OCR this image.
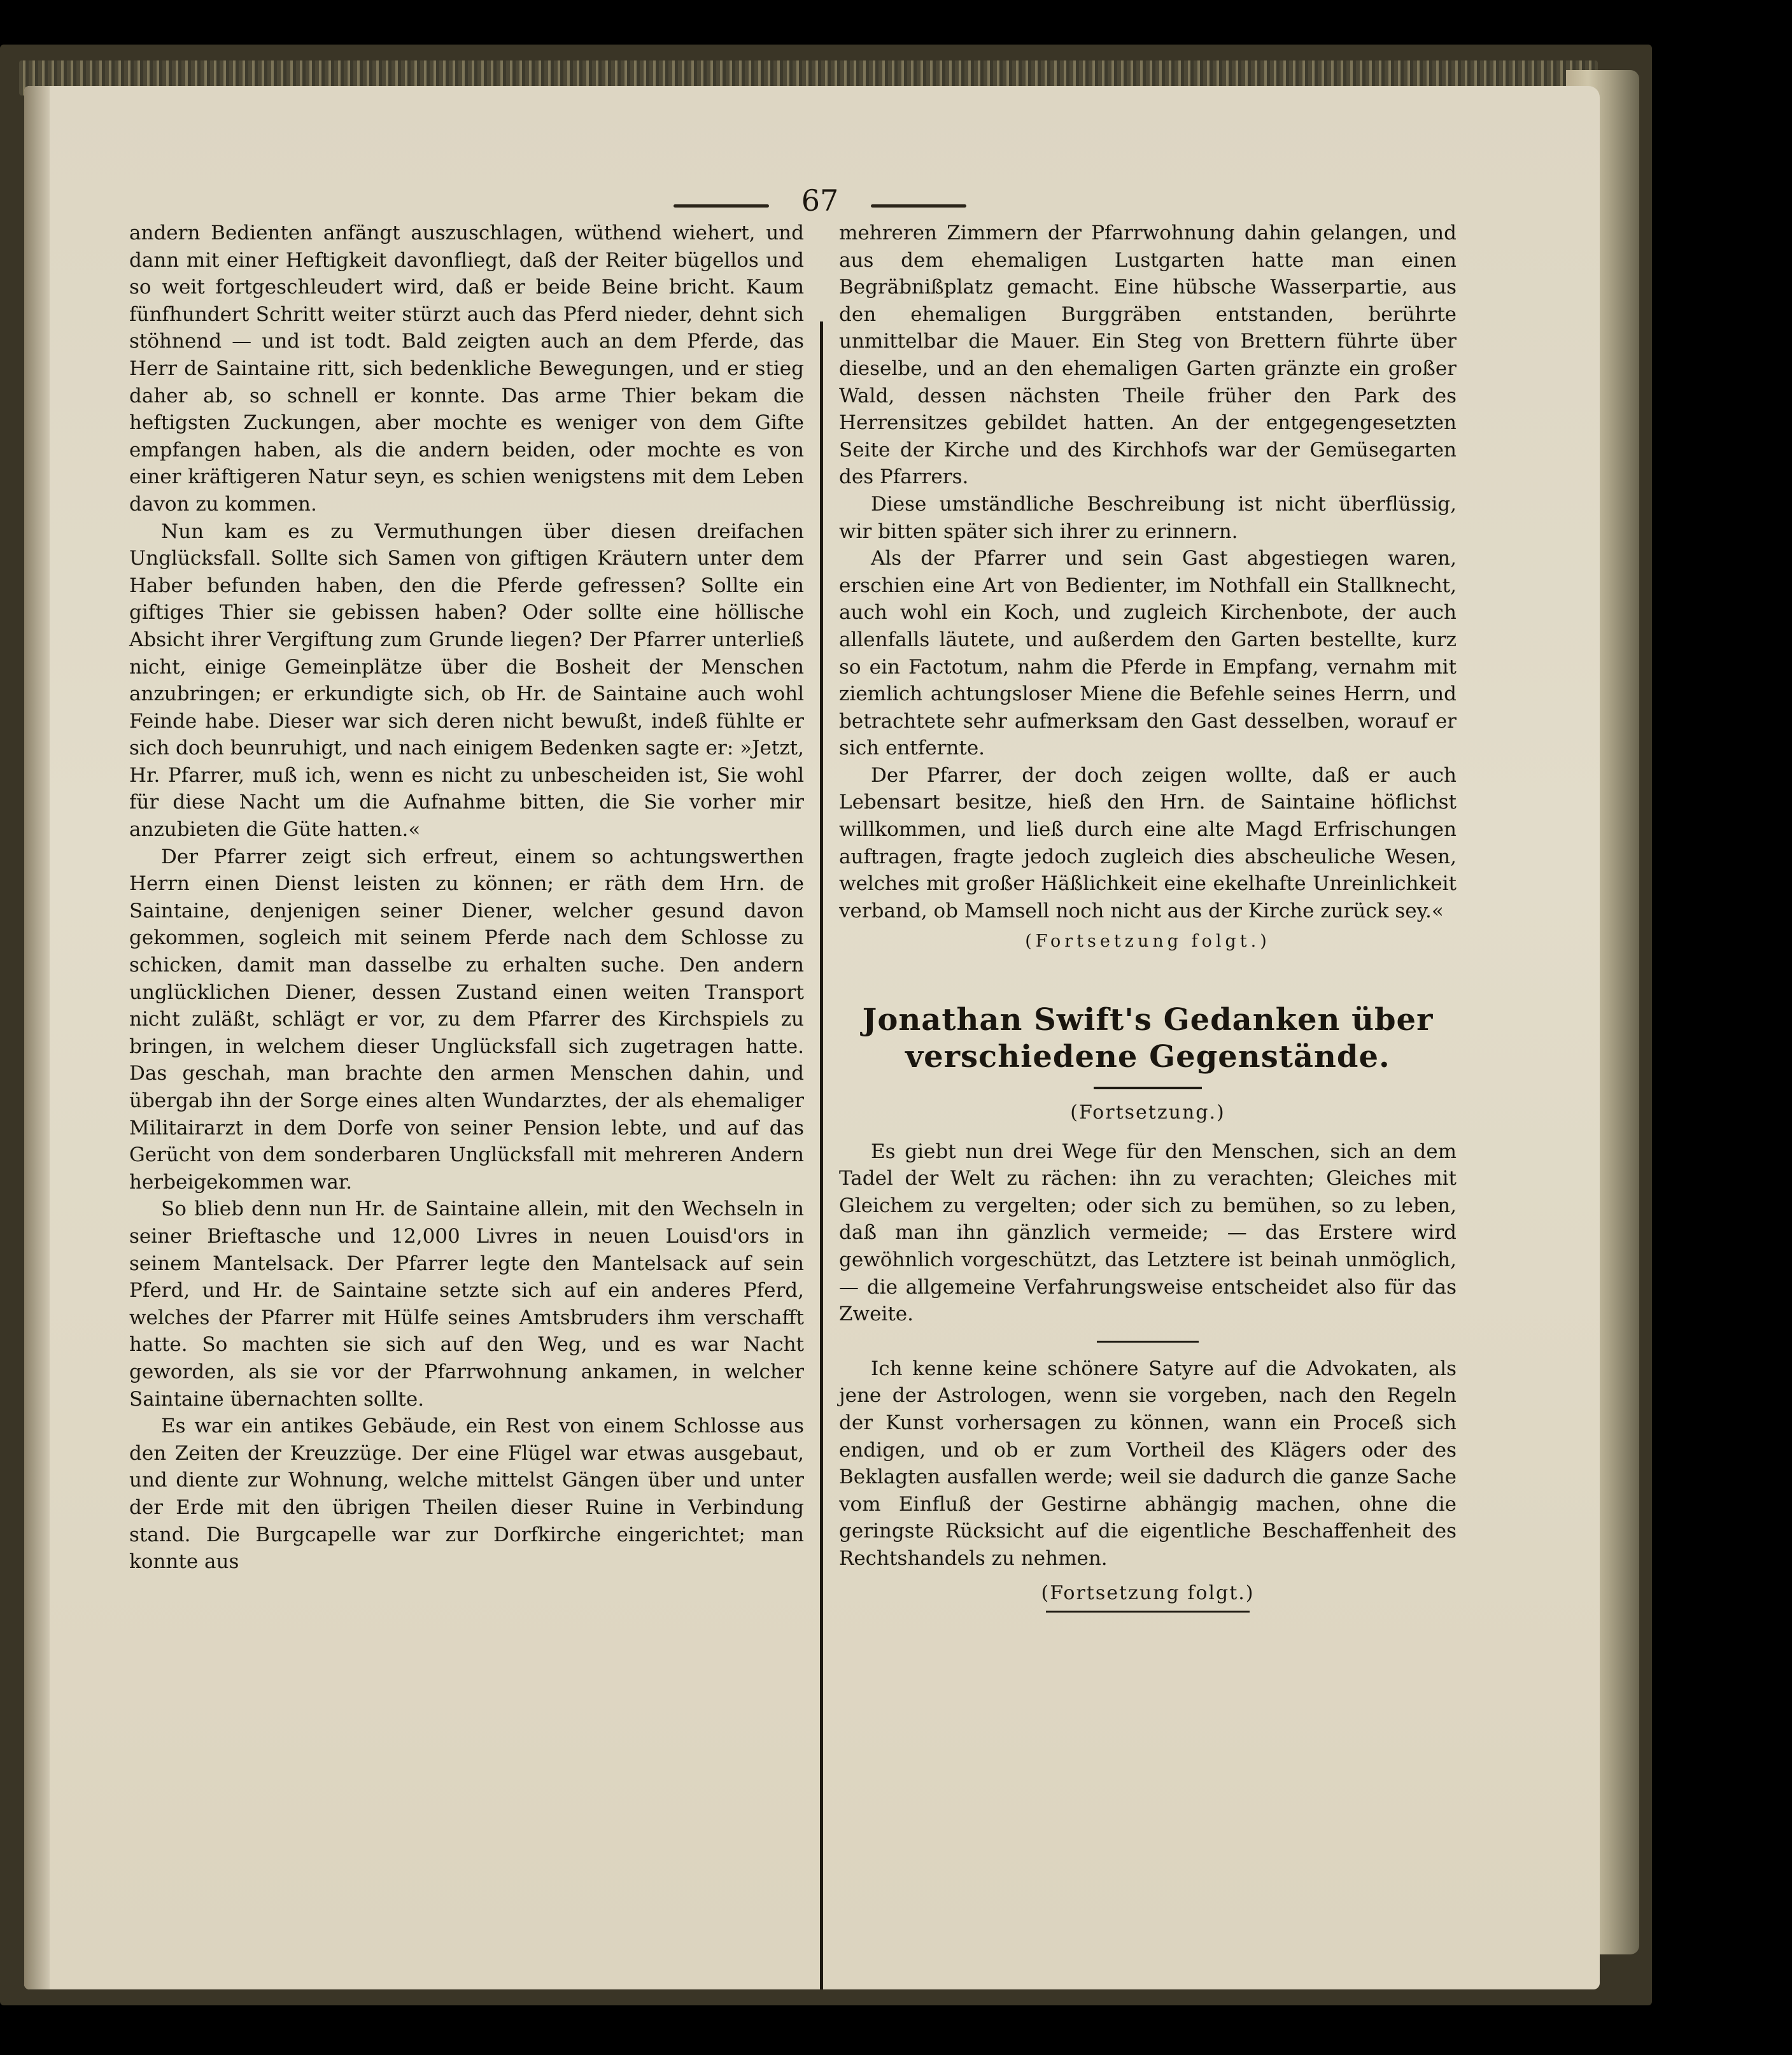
67

andern Bedienten anfängt auszuschlagen, wüthend wiehert, und dann mit einer Heftigkeit davonfliegt, daß der Reiter bügellos und so weit fortgeschleudert wird, daß er beide Beine bricht. Kaum fünfhundert Schritt weiter stürzt auch das Pferd nieder, dehnt sich stöhnend — und ist todt. Bald zeigten auch an dem Pferde, das Herr de Saintaine ritt, sich bedenkliche Bewegungen, und er stieg daher ab, so schnell er konnte. Das arme Thier bekam die heftigsten Zuckungen, aber mochte es weniger von dem Gifte empfangen haben, als die andern beiden, oder mochte es von einer kräftigeren Natur seyn, es schien wenigstens mit dem Leben davon zu kommen.

Nun kam es zu Vermuthungen über diesen dreifachen Unglücksfall. Sollte sich Samen von giftigen Kräutern unter dem Haber befunden haben, den die Pferde gefressen? Sollte ein giftiges Thier sie gebissen haben? Oder sollte eine höllische Absicht ihrer Vergiftung zum Grunde liegen? Der Pfarrer unterließ nicht, einige Gemeinplätze über die Bosheit der Menschen anzubringen; er erkundigte sich, ob Hr. de Saintaine auch wohl Feinde habe. Dieser war sich deren nicht bewußt, indeß fühlte er sich doch beunruhigt, und nach einigem Bedenken sagte er: »Jetzt, Hr. Pfarrer, muß ich, wenn es nicht zu unbescheiden ist, Sie wohl für diese Nacht um die Aufnahme bitten, die Sie vorher mir anzubieten die Güte hatten.«

Der Pfarrer zeigt sich erfreut, einem so achtungswerthen Herrn einen Dienst leisten zu können; er räth dem Hrn. de Saintaine, denjenigen seiner Diener, welcher gesund davon gekommen, sogleich mit seinem Pferde nach dem Schlosse zu schicken, damit man dasselbe zu erhalten suche. Den andern unglücklichen Diener, dessen Zustand einen weiten Transport nicht zuläßt, schlägt er vor, zu dem Pfarrer des Kirchspiels zu bringen, in welchem dieser Unglücksfall sich zugetragen hatte. Das geschah, man brachte den armen Menschen dahin, und übergab ihn der Sorge eines alten Wundarztes, der als ehemaliger Militairarzt in dem Dorfe von seiner Pension lebte, und auf das Gerücht von dem sonderbaren Unglücksfall mit mehreren Andern herbeigekommen war.

So blieb denn nun Hr. de Saintaine allein, mit den Wechseln in seiner Brieftasche und 12,000 Livres in neuen Louisd'ors in seinem Mantelsack. Der Pfarrer legte den Mantelsack auf sein Pferd, und Hr. de Saintaine setzte sich auf ein anderes Pferd, welches der Pfarrer mit Hülfe seines Amtsbruders ihm verschafft hatte. So machten sie sich auf den Weg, und es war Nacht geworden, als sie vor der Pfarrwohnung ankamen, in welcher Saintaine übernachten sollte.

Es war ein antikes Gebäude, ein Rest von einem Schlosse aus den Zeiten der Kreuzzüge. Der eine Flügel war etwas ausgebaut, und diente zur Wohnung, welche mittelst Gängen über und unter der Erde mit den übrigen Theilen dieser Ruine in Verbindung stand. Die Burgcapelle war zur Dorfkirche eingerichtet; man konnte aus

mehreren Zimmern der Pfarrwohnung dahin gelangen, und aus dem ehemaligen Lustgarten hatte man einen Begräbnißplatz gemacht. Eine hübsche Wasserpartie, aus den ehemaligen Burggräben entstanden, berührte unmittelbar die Mauer. Ein Steg von Brettern führte über dieselbe, und an den ehemaligen Garten gränzte ein großer Wald, dessen nächsten Theile früher den Park des Herrensitzes gebildet hatten. An der entgegengesetzten Seite der Kirche und des Kirchhofs war der Gemüsegarten des Pfarrers.

Diese umständliche Beschreibung ist nicht überflüssig, wir bitten später sich ihrer zu erinnern.

Als der Pfarrer und sein Gast abgestiegen waren, erschien eine Art von Bedienter, im Nothfall ein Stallknecht, auch wohl ein Koch, und zugleich Kirchenbote, der auch allenfalls läutete, und außerdem den Garten bestellte, kurz so ein Factotum, nahm die Pferde in Empfang, vernahm mit ziemlich achtungsloser Miene die Befehle seines Herrn, und betrachtete sehr aufmerksam den Gast desselben, worauf er sich entfernte.

Der Pfarrer, der doch zeigen wollte, daß er auch Lebensart besitze, hieß den Hrn. de Saintaine höflichst willkommen, und ließ durch eine alte Magd Erfrischungen auftragen, fragte jedoch zugleich dies abscheuliche Wesen, welches mit großer Häßlichkeit eine ekelhafte Unreinlichkeit verband, ob Mamsell noch nicht aus der Kirche zurück sey.«

(Fortsetzung folgt.)
Jonathan Swift's Gedanken über
verschiedene Gegenstände.
(Fortsetzung.)

Es giebt nun drei Wege für den Menschen, sich an dem Tadel der Welt zu rächen: ihn zu verachten; Gleiches mit Gleichem zu vergelten; oder sich zu bemühen, so zu leben, daß man ihn gänzlich vermeide; — das Erstere wird gewöhnlich vorgeschützt, das Letztere ist beinah unmöglich, — die allgemeine Verfahrungsweise entscheidet also für das Zweite.

Ich kenne keine schönere Satyre auf die Advokaten, als jene der Astrologen, wenn sie vorgeben, nach den Regeln der Kunst vorhersagen zu können, wann ein Proceß sich endigen, und ob er zum Vortheil des Klägers oder des Beklagten ausfallen werde; weil sie dadurch die ganze Sache vom Einfluß der Gestirne abhängig machen, ohne die geringste Rücksicht auf die eigentliche Beschaffenheit des Rechtshandels zu nehmen.

(Fortsetzung folgt.)
